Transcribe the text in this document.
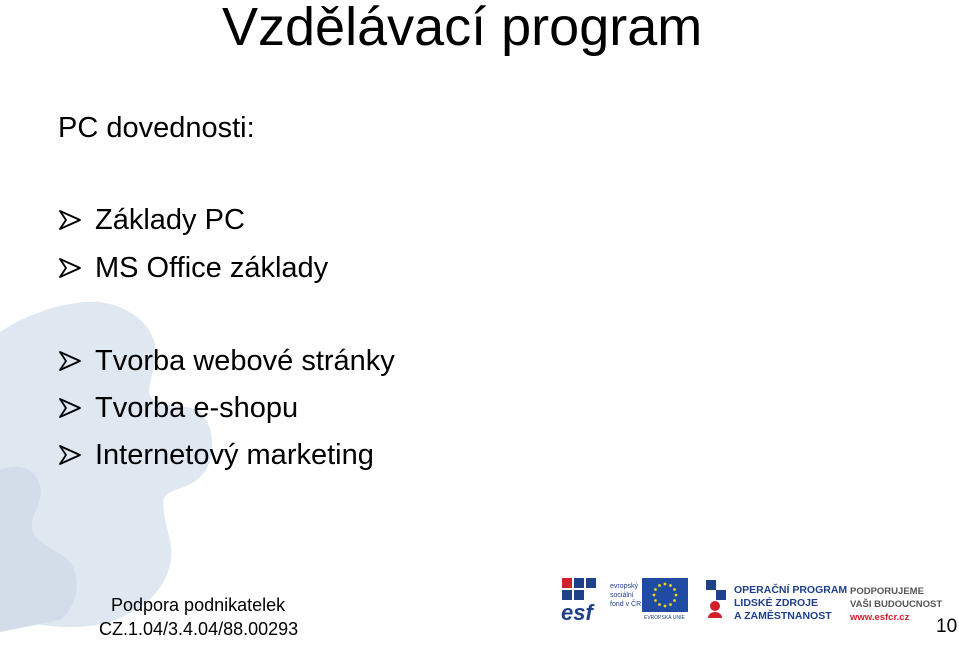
Vzdělávací program
PC dovednosti:
Základy PC
MS Office základy
Tvorba webové stránky
Tvorba e-shopu
Internetový marketing
Podpora podnikatelek
CZ.1.04/3.4.04/88.00293
esf
evropský
sociální
fond v ČR
EVROPSKÁ UNIE
OPERAČNÍ PROGRAM
LIDSKÉ ZDROJE
A ZAMĚSTNANOST
PODPORUJEME
VAŠI BUDOUCNOST
www.esfcr.cz	10
